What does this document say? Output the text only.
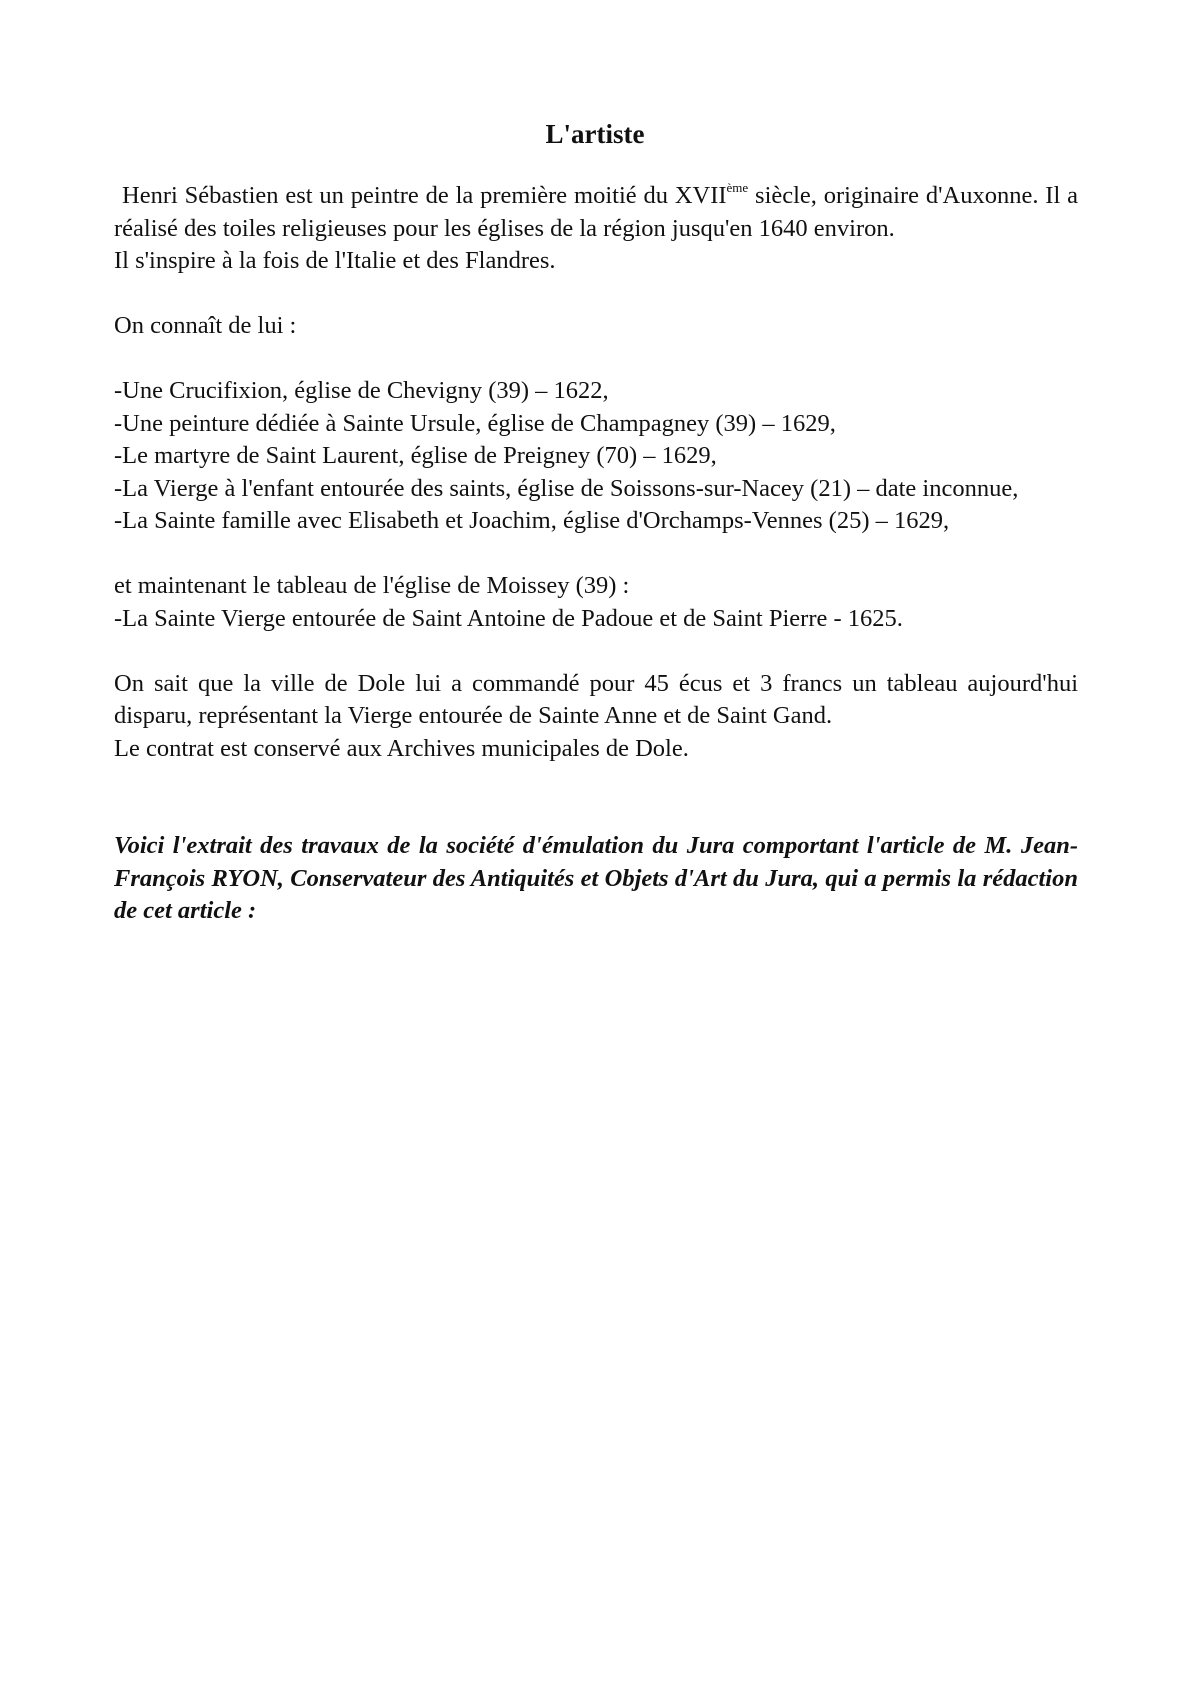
L'artiste

Henri Sébastien est un peintre de la première moitié du XVIIème siècle, originaire d'Auxonne. Il a réalisé des toiles religieuses pour les églises de la région jusqu'en 1640 environ.

Il s'inspire à la fois de l'Italie et des Flandres.

On connaît de lui :

-Une Crucifixion, église de Chevigny (39) – 1622,

-Une peinture dédiée à Sainte Ursule, église de Champagney (39) – 1629,

-Le martyre de Saint Laurent, église de Preigney (70) – 1629,

-La Vierge à l'enfant entourée des saints, église de Soissons-sur-Nacey (21) – date inconnue,

-La Sainte famille avec Elisabeth et Joachim, église d'Orchamps-Vennes (25) – 1629,

et maintenant le tableau de l'église de Moissey (39) :

-La Sainte Vierge entourée de Saint Antoine de Padoue et de Saint Pierre - 1625.

On sait que la ville de Dole lui a commandé pour 45 écus et 3 francs un tableau aujourd'hui disparu, représentant la Vierge entourée de Sainte Anne et de Saint Gand.

Le contrat est conservé aux Archives municipales de Dole.

Voici l'extrait des travaux de la société d'émulation du Jura comportant l'article de M. Jean-François RYON, Conservateur des Antiquités et Objets d'Art du Jura, qui a permis la rédaction de cet article :
